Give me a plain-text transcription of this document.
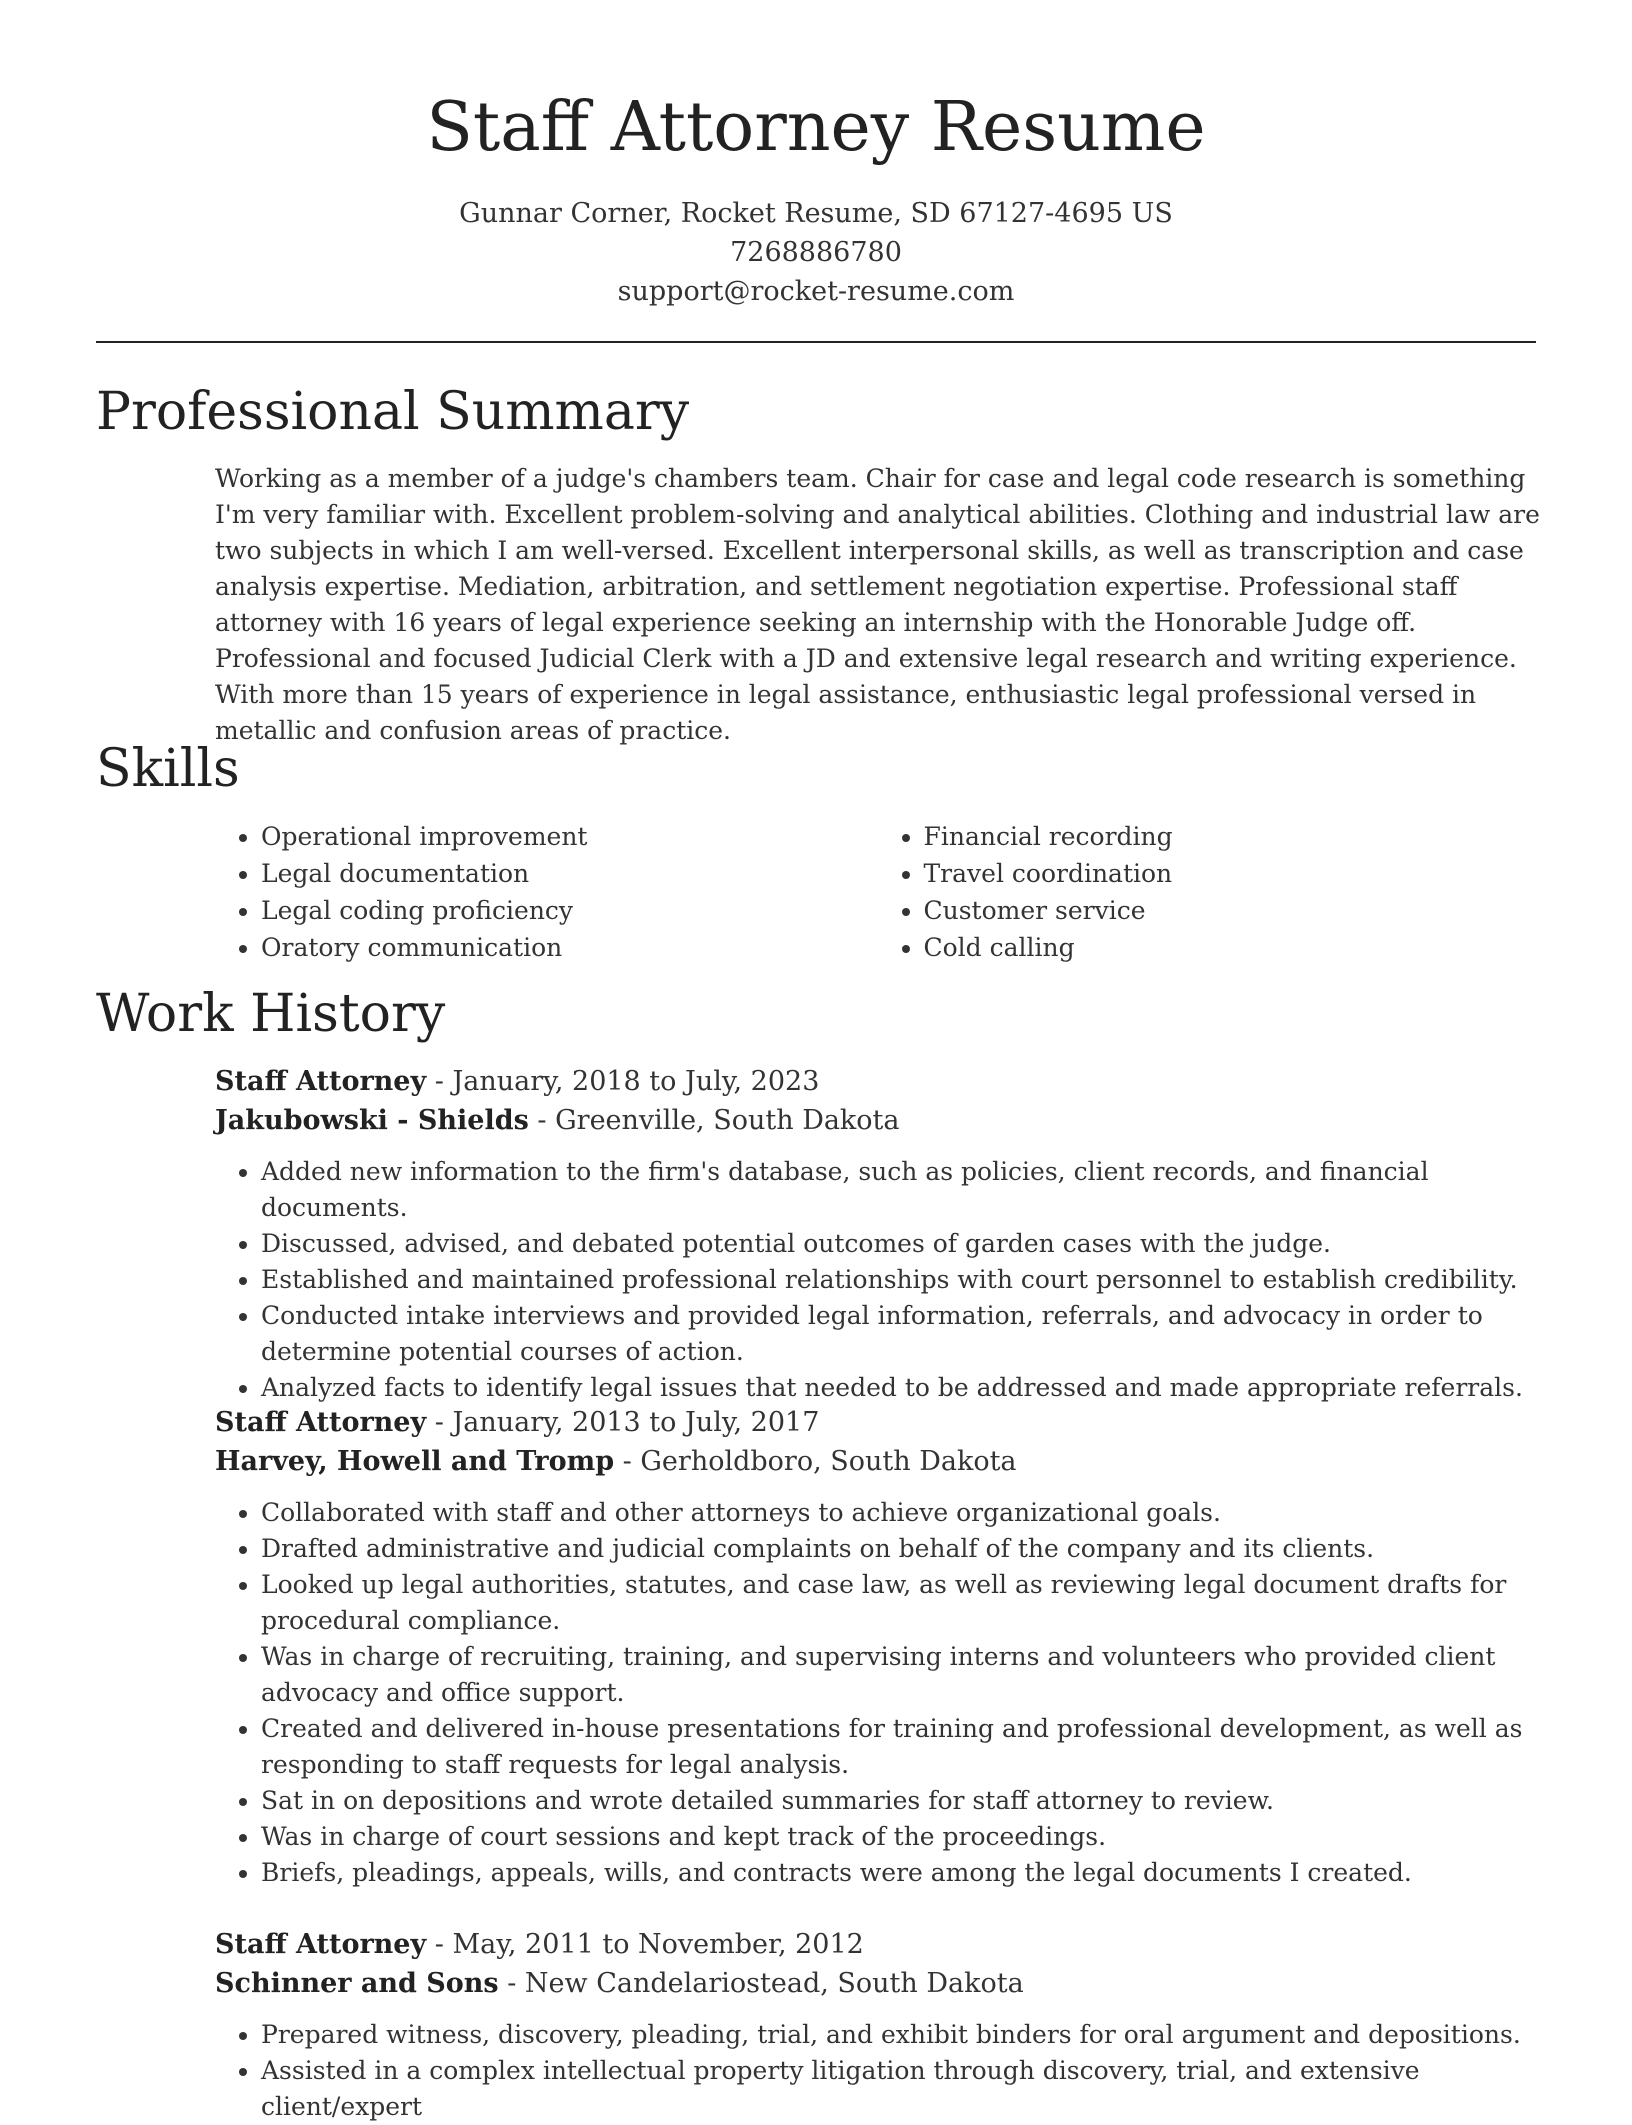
Staff Attorney Resume
Gunnar Corner, Rocket Resume, SD 67127-4695 US
7268886780
support@rocket-resume.com
Professional Summary

Working as a member of a judge's chambers team. Chair for case and legal code research is something I'm very familiar with. Excellent problem-solving and analytical abilities. Clothing and industrial law are two subjects in which I am well-versed. Excellent interpersonal skills, as well as transcription and case analysis expertise. Mediation, arbitration, and settlement negotiation expertise. Professional staff attorney with 16 years of legal experience seeking an internship with the Honorable Judge off. Professional and focused Judicial Clerk with a JD and extensive legal research and writing experience. With more than 15 years of experience in legal assistance, enthusiastic legal professional versed in metallic and confusion areas of practice.

Skills
• Operational improvement
• Legal documentation
• Legal coding proficiency
• Oratory communication
• Financial recording
• Travel coordination
• Customer service
• Cold calling
Work History
Staff Attorney - January, 2018 to July, 2023
Jakubowski - Shields - Greenville, South Dakota
• Added new information to the firm's database, such as policies, client records, and financial documents.
• Discussed, advised, and debated potential outcomes of garden cases with the judge.
• Established and maintained professional relationships with court personnel to establish credibility.
• Conducted intake interviews and provided legal information, referrals, and advocacy in order to determine potential courses of action.
• Analyzed facts to identify legal issues that needed to be addressed and made appropriate referrals.
Staff Attorney - January, 2013 to July, 2017
Harvey, Howell and Tromp - Gerholdboro, South Dakota
• Collaborated with staff and other attorneys to achieve organizational goals.
• Drafted administrative and judicial complaints on behalf of the company and its clients.
• Looked up legal authorities, statutes, and case law, as well as reviewing legal document drafts for procedural compliance.
• Was in charge of recruiting, training, and supervising interns and volunteers who provided client advocacy and office support.
• Created and delivered in-house presentations for training and professional development, as well as responding to staff requests for legal analysis.
• Sat in on depositions and wrote detailed summaries for staff attorney to review.
• Was in charge of court sessions and kept track of the proceedings.
• Briefs, pleadings, appeals, wills, and contracts were among the legal documents I created.
Staff Attorney - May, 2011 to November, 2012
Schinner and Sons - New Candelariostead, South Dakota
• Prepared witness, discovery, pleading, trial, and exhibit binders for oral argument and depositions.
• Assisted in a complex intellectual property litigation through discovery, trial, and extensive client/expert
